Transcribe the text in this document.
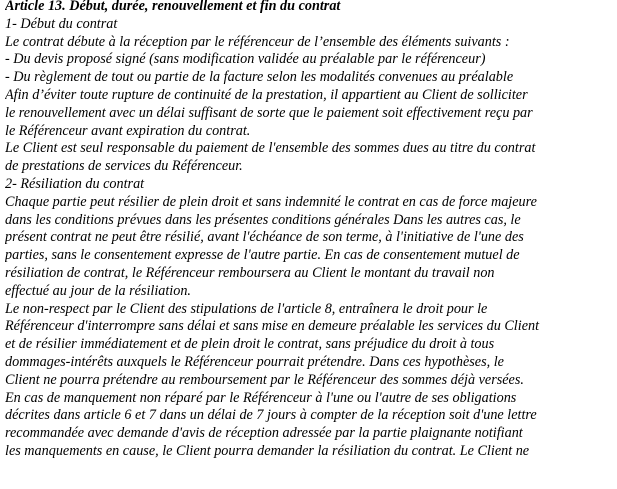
Article 13. Début, durée, renouvellement et fin du contrat
1- Début du contrat
Le contrat débute à la réception par le référenceur de l’ensemble des éléments suivants :
- Du devis proposé signé (sans modification validée au préalable par le référenceur)
- Du règlement de tout ou partie de la facture selon les modalités convenues au préalable
Afin d’éviter toute rupture de continuité de la prestation, il appartient au Client de solliciter
le renouvellement avec un délai suffisant de sorte que le paiement soit effectivement reçu par
le Référenceur avant expiration du contrat.
Le Client est seul responsable du paiement de l'ensemble des sommes dues au titre du contrat
de prestations de services du Référenceur.
2- Résiliation du contrat
Chaque partie peut résilier de plein droit et sans indemnité le contrat en cas de force majeure
dans les conditions prévues dans les présentes conditions générales Dans les autres cas, le
présent contrat ne peut être résilié, avant l'échéance de son terme, à l'initiative de l'une des
parties, sans le consentement expresse de l'autre partie. En cas de consentement mutuel de
résiliation de contrat, le Référenceur remboursera au Client le montant du travail non
effectué au jour de la résiliation.
Le non-respect par le Client des stipulations de l'article 8, entraînera le droit pour le
Référenceur d'interrompre sans délai et sans mise en demeure préalable les services du Client
et de résilier immédiatement et de plein droit le contrat, sans préjudice du droit à tous
dommages-intérêts auxquels le Référenceur pourrait prétendre. Dans ces hypothèses, le
Client ne pourra prétendre au remboursement par le Référenceur des sommes déjà versées.
En cas de manquement non réparé par le Référenceur à l'une ou l'autre de ses obligations
décrites dans article 6 et 7 dans un délai de 7 jours à compter de la réception soit d'une lettre
recommandée avec demande d'avis de réception adressée par la partie plaignante notifiant
les manquements en cause, le Client pourra demander la résiliation du contrat. Le Client ne
